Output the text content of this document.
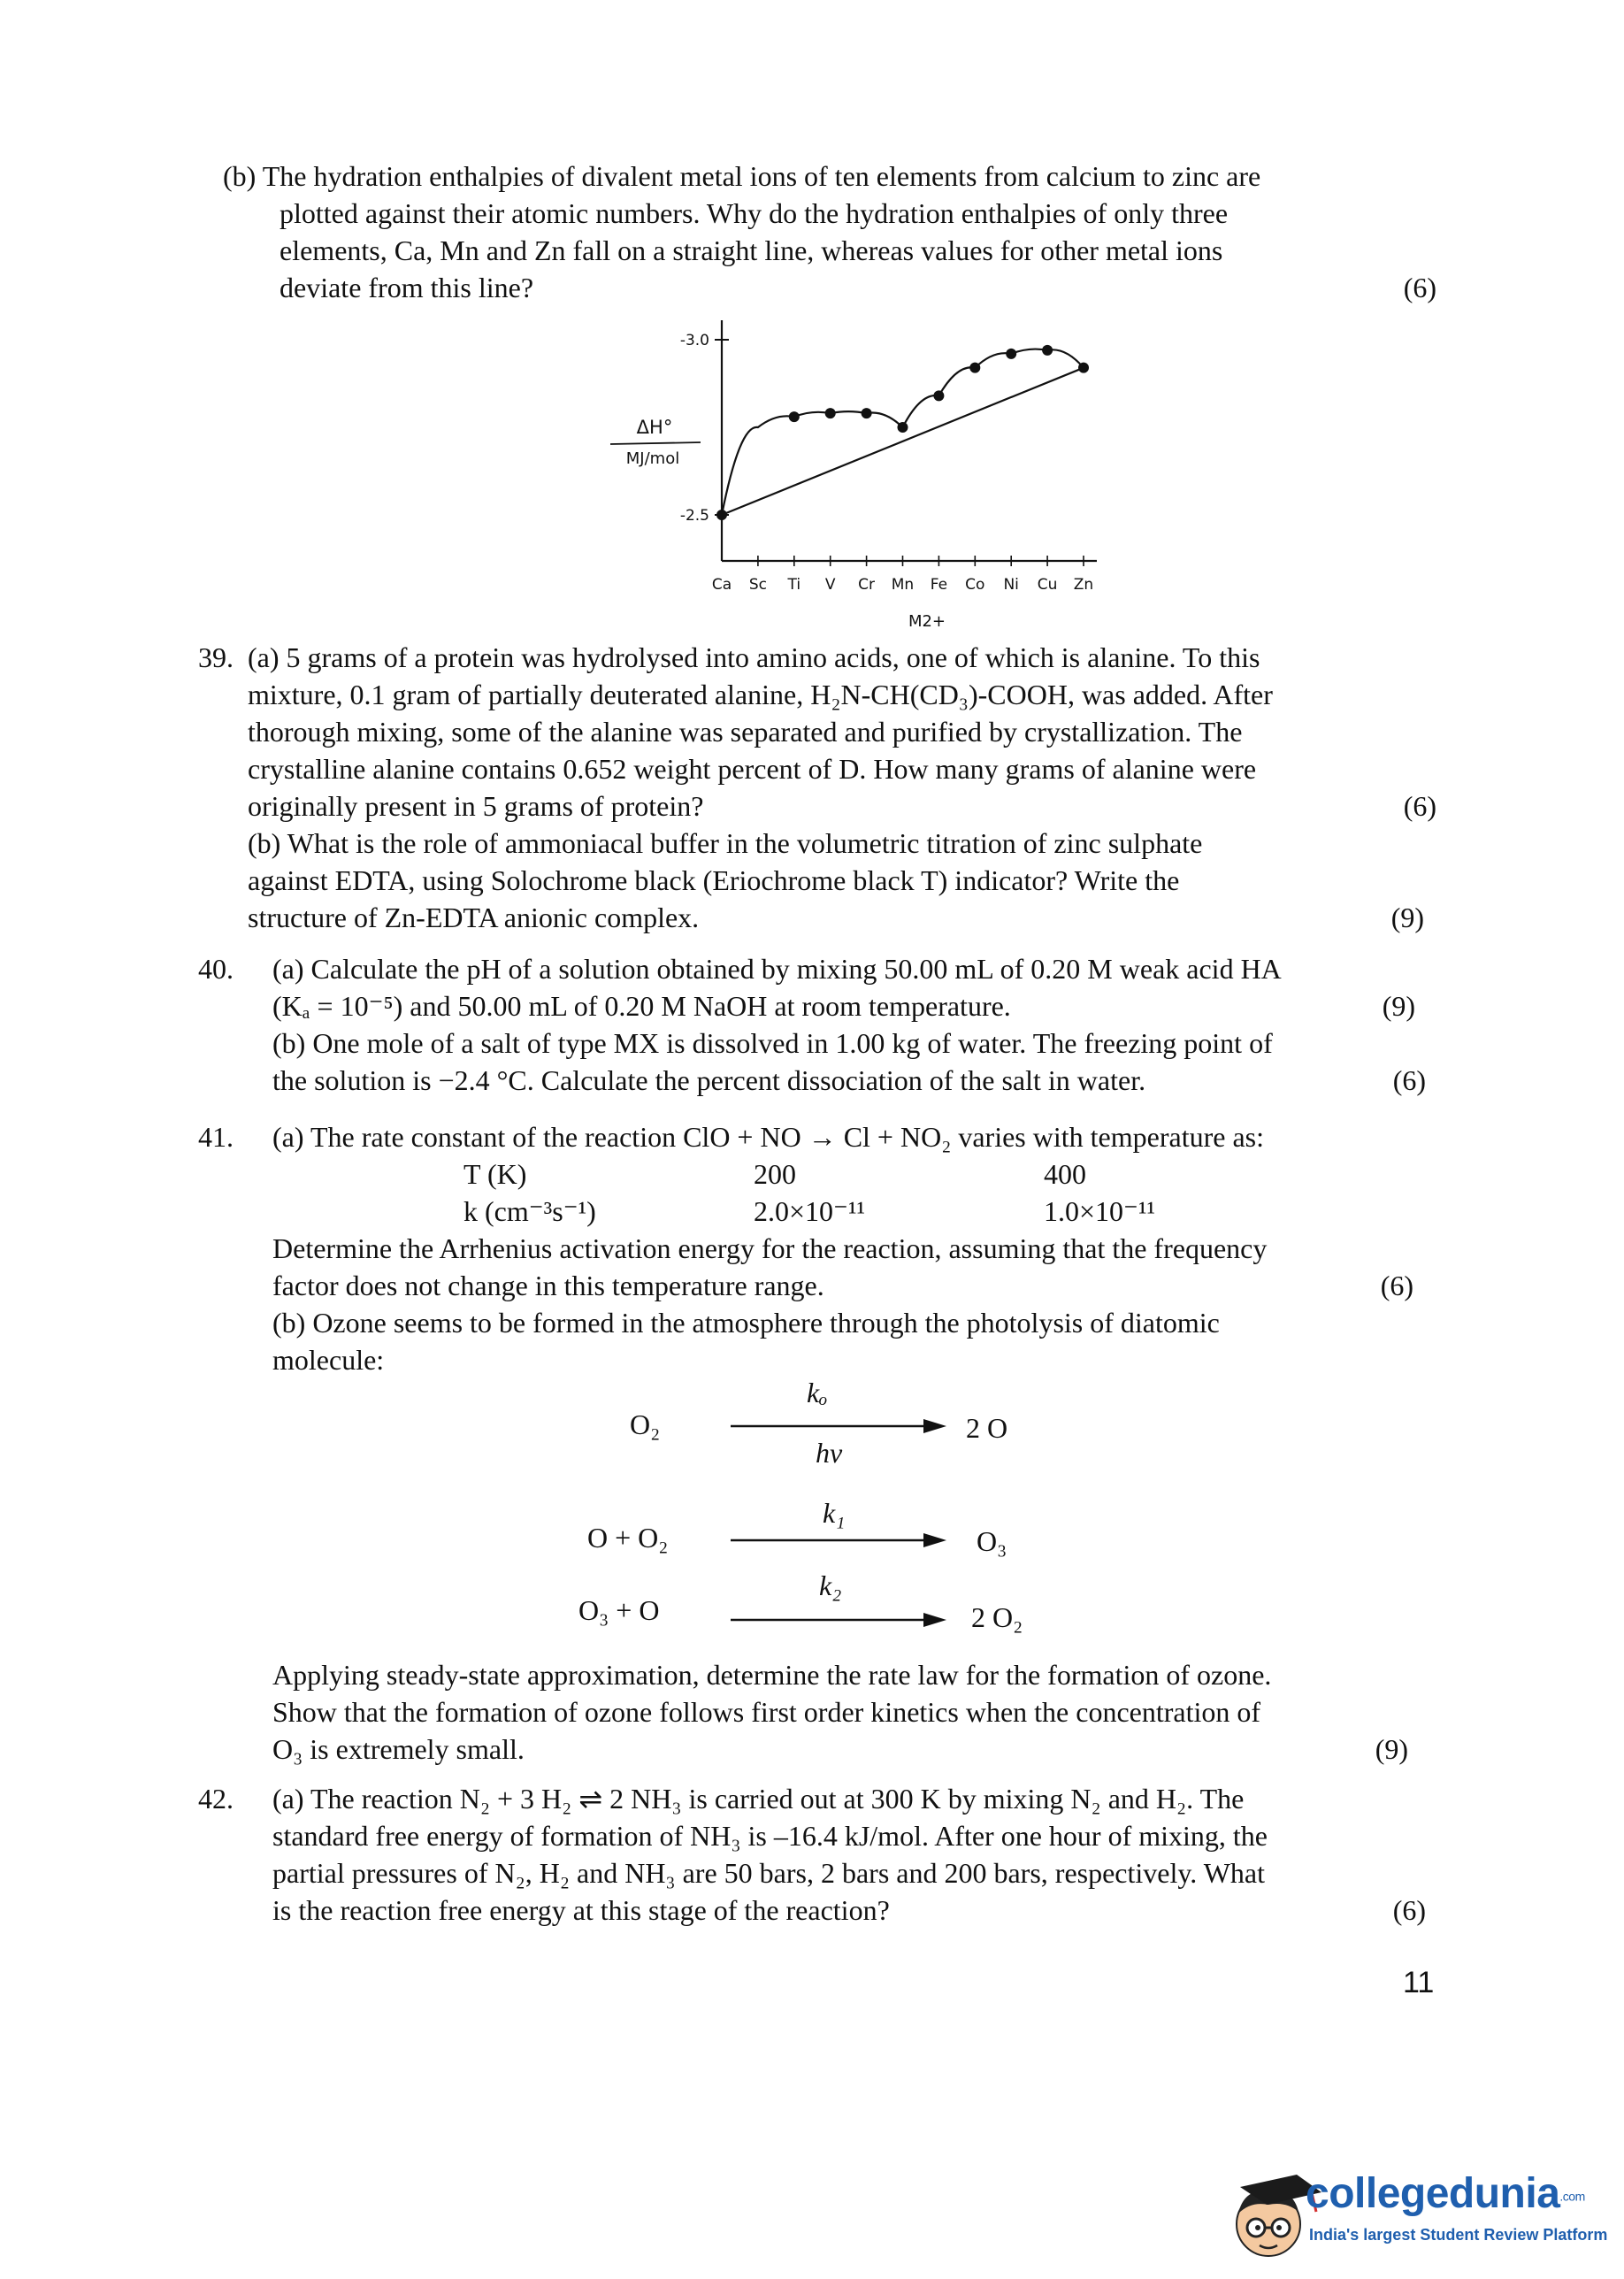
(b) The hydration enthalpies of divalent metal ions of ten elements from calcium to zinc are
plotted against their atomic numbers. Why do the hydration enthalpies of only three
elements, Ca, Mn and Zn fall on a straight line, whereas values for other metal ions
deviate from this line?	(6)
-3.0
-2.5
ΔH°
MJ/mol
Ca Sc Ti V Cr Mn Fe Co Ni Cu Zn
M2+
39. (a) 5 grams of a protein was hydrolysed into amino acids, one of which is alanine. To this
mixture, 0.1 gram of partially deuterated alanine, H₂N-CH(CD₃)-COOH, was added. After
thorough mixing, some of the alanine was separated and purified by crystallization. The
crystalline alanine contains 0.652 weight percent of D. How many grams of alanine were
originally present in 5 grams of protein?	(6)
(b) What is the role of ammoniacal buffer in the volumetric titration of zinc sulphate
against EDTA, using Solochrome black (Eriochrome black T) indicator? Write the
structure of Zn-EDTA anionic complex.	(9)
40. (a) Calculate the pH of a solution obtained by mixing 50.00 mL of 0.20 M weak acid HA
(Kₐ = 10⁻⁵) and 50.00 mL of 0.20 M NaOH at room temperature.	(9)
(b) One mole of a salt of type MX is dissolved in 1.00 kg of water. The freezing point of
the solution is −2.4 °C. Calculate the percent dissociation of the salt in water.	(6)
41. (a) The rate constant of the reaction ClO + NO → Cl + NO₂ varies with temperature as:
T (K)	200	400
k (cm⁻³s⁻¹)	2.0×10⁻¹¹	1.0×10⁻¹¹
Determine the Arrhenius activation energy for the reaction, assuming that the frequency
factor does not change in this temperature range.	(6)
(b) Ozone seems to be formed in the atmosphere through the photolysis of diatomic
molecule:
O₂
kₒ
hν
2 O
O + O₂
k₁
O₃
O₃ + O
k₂
2 O₂
Applying steady-state approximation, determine the rate law for the formation of ozone.
Show that the formation of ozone follows first order kinetics when the concentration of
O₃ is extremely small.	(9)
42. (a) The reaction N₂ + 3 H₂ ⇌ 2 NH₃ is carried out at 300 K by mixing N₂ and H₂. The
standard free energy of formation of NH₃ is –16.4 kJ/mol. After one hour of mixing, the
partial pressures of N₂, H₂ and NH₃ are 50 bars, 2 bars and 200 bars, respectively. What
is the reaction free energy at this stage of the reaction?	(6)
11
collegedunia.com
India's largest Student Review Platform
